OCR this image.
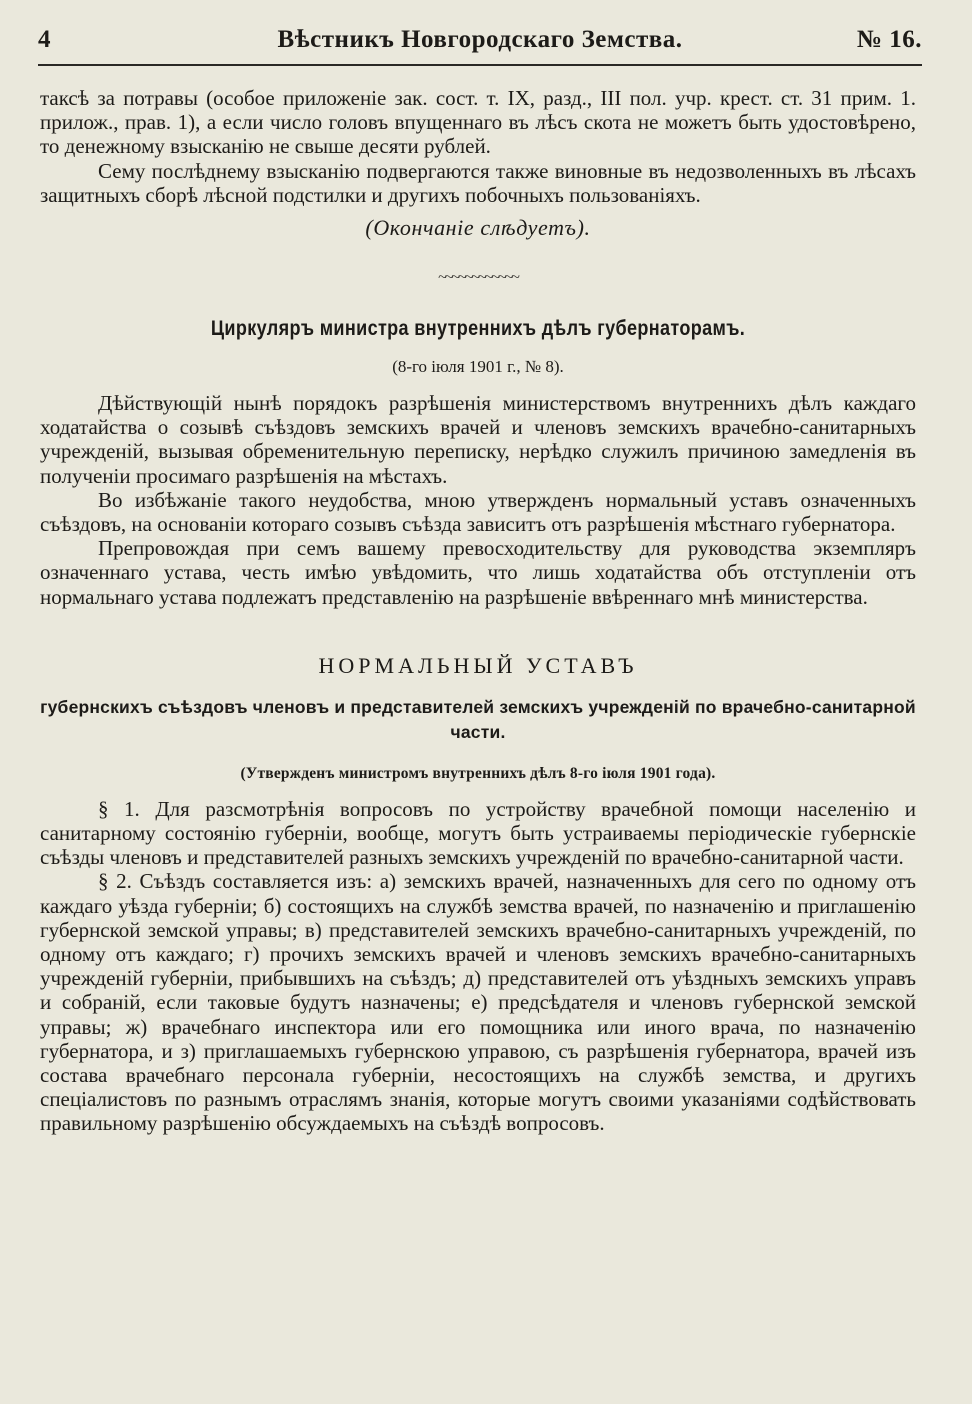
4	Вѣстникъ Новгородскаго Земства.	№ 16.

таксѣ за потравы (особое приложенiе зак. сост. т. IX, разд., III пол. учр. крест. ст. 31 прим. 1. прилож., прав. 1), а если число головъ впущеннаго въ лѣсъ скота не можетъ быть удостовѣрено, то денежному взысканiю не свыше десяти рублей.

Сему послѣднему взысканiю подвергаются также виновные въ недозволенныхъ въ лѣсахъ защитныхъ сборѣ лѣсной подстилки и другихъ побочныхъ пользованiяхъ.

(Окончанiе слѣдуетъ).
~~~~~~~~~~~~
Циркуляръ министра внутреннихъ дѣлъ губернаторамъ.
(8-го iюля 1901 г., № 8).

Дѣйствующiй нынѣ порядокъ разрѣшенiя министерствомъ внутреннихъ дѣлъ каждаго ходатайства о созывѣ съѣздовъ земскихъ врачей и членовъ земскихъ врачебно-санитарныхъ учрежденiй, вызывая обременительную переписку, нерѣдко служилъ причиною замедленiя въ полученiи просимаго разрѣшенiя на мѣстахъ.

Во избѣжанiе такого неудобства, мною утвержденъ нормальный уставъ означенныхъ съѣздовъ, на основанiи котораго созывъ съѣзда зависитъ отъ разрѣшенiя мѣстнаго губернатора.

Препровождая при семъ вашему превосходительству для руководства экземпляръ означеннаго устава, честь имѣю увѣдомить, что лишь ходатайства объ отступленiи отъ нормальнаго устава подлежатъ представленiю на разрѣшенiе ввѣреннаго мнѣ министерства.

НОРМАЛЬНЫЙ УСТАВЪ
губернскихъ съѣздовъ членовъ и представителей земскихъ учрежденiй по врачебно-санитарной части.
(Утвержденъ министромъ внутреннихъ дѣлъ 8-го iюля 1901 года).

§ 1. Для разсмотрѣнiя вопросовъ по устройству врачебной помощи населенiю и санитарному состоянiю губернiи, вообще, могутъ быть устраиваемы перiодическiе губернскiе съѣзды членовъ и представителей разныхъ земскихъ учрежденiй по врачебно-санитарной части.

§ 2. Съѣздъ составляется изъ: а) земскихъ врачей, назначенныхъ для сего по одному отъ каждаго уѣзда губернiи; б) состоящихъ на службѣ земства врачей, по назначенiю и приглашенiю губернской земской управы; в) представителей земскихъ врачебно-санитарныхъ учрежденiй, по одному отъ каждаго; г) прочихъ земскихъ врачей и членовъ земскихъ врачебно-санитарныхъ учрежденiй губернiи, прибывшихъ на съѣздъ; д) представителей отъ уѣздныхъ земскихъ управъ и собранiй, если таковые будутъ назначены; е) предсѣдателя и членовъ губернской земской управы; ж) врачебнаго инспектора или его помощника или иного врача, по назначенiю губернатора, и з) приглашаемыхъ губернскою управою, съ разрѣшенiя губернатора, врачей изъ состава врачебнаго персонала губернiи, несостоящихъ на службѣ земства, и другихъ спецiалистовъ по разнымъ отраслямъ знанiя, которые могутъ своими указанiями содѣйствовать правильному разрѣшенiю обсуждаемыхъ на съѣздѣ вопросовъ.
